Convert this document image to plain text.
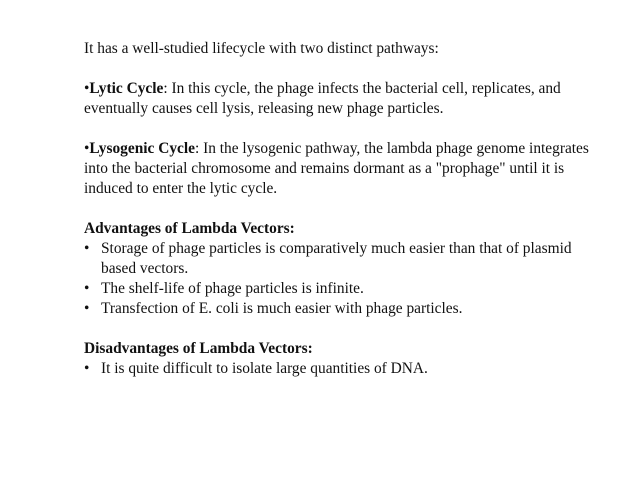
It has a well-studied lifecycle with two distinct pathways:

•Lytic Cycle: In this cycle, the phage infects the bacterial cell, replicates, and eventually causes cell lysis, releasing new phage particles.

•Lysogenic Cycle: In the lysogenic pathway, the lambda phage genome integrates into the bacterial chromosome and remains dormant as a "prophage" until it is induced to enter the lytic cycle.

Advantages of Lambda Vectors:

• Storage of phage particles is comparatively much easier than that of plasmid based vectors.
• The shelf-life of phage particles is infinite.
• Transfection of E. coli is much easier with phage particles.

Disadvantages of Lambda Vectors:

• It is quite difficult to isolate large quantities of DNA.
